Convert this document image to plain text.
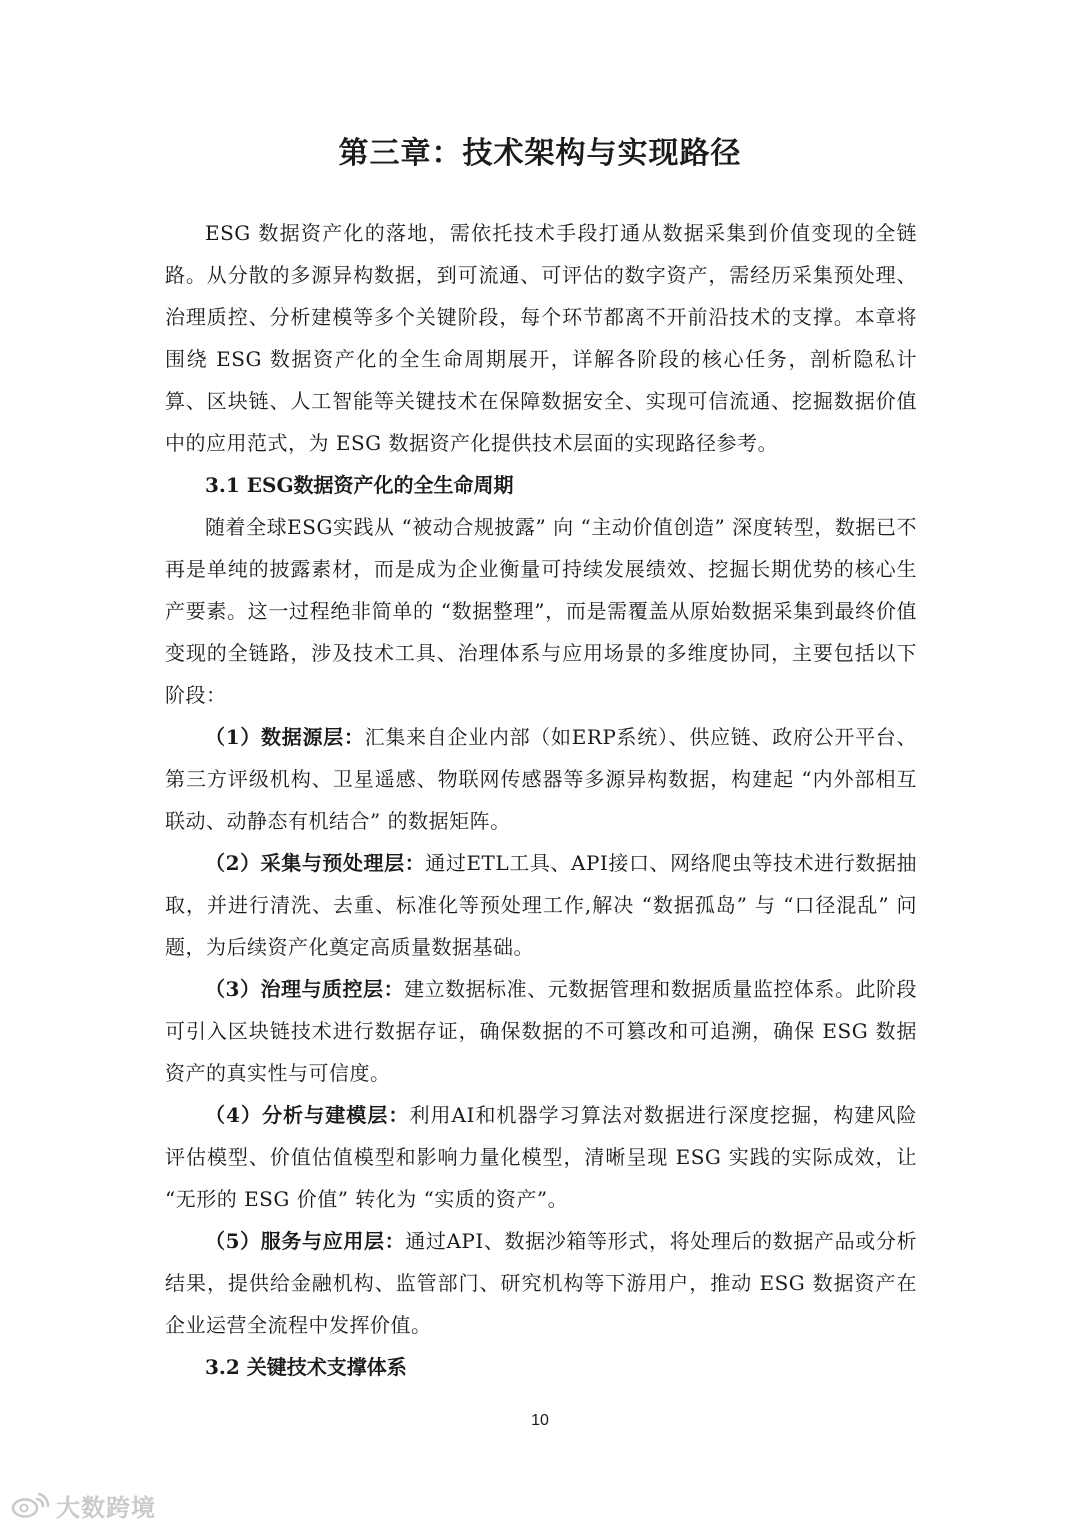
第三章：技术架构与实现路径

ESG 数据资产化的落地，需依托技术手段打通从数据采集到价值变现的全链路。从分散的多源异构数据，到可流通、可评估的数字资产，需经历采集预处理、治理质控、分析建模等多个关键阶段，每个环节都离不开前沿技术的支撑。本章将围绕 ESG 数据资产化的全生命周期展开，详解各阶段的核心任务，剖析隐私计算、区块链、人工智能等关键技术在保障数据安全、实现可信流通、挖掘数据价值中的应用范式，为 ESG 数据资产化提供技术层面的实现路径参考。

3.1 ESG数据资产化的全生命周期

随着全球ESG实践从 “被动合规披露” 向 “主动价值创造” 深度转型，数据已不再是单纯的披露素材，而是成为企业衡量可持续发展绩效、挖掘长期优势的核心生产要素。这一过程绝非简单的 “数据整理”，而是需覆盖从原始数据采集到最终价值变现的全链路，涉及技术工具、治理体系与应用场景的多维度协同，主要包括以下阶段：

（1）数据源层：汇集来自企业内部（如ERP系统）、供应链、政府公开平台、第三方评级机构、卫星遥感、物联网传感器等多源异构数据，构建起 “内外部相互联动、动静态有机结合” 的数据矩阵。

（2）采集与预处理层：通过ETL工具、API接口、网络爬虫等技术进行数据抽取，并进行清洗、去重、标准化等预处理工作,解决 “数据孤岛” 与 “口径混乱” 问题，为后续资产化奠定高质量数据基础。

（3）治理与质控层：建立数据标准、元数据管理和数据质量监控体系。此阶段可引入区块链技术进行数据存证，确保数据的不可篡改和可追溯，确保 ESG 数据资产的真实性与可信度。

（4）分析与建模层：利用AI和机器学习算法对数据进行深度挖掘，构建风险评估模型、价值估值模型和影响力量化模型，清晰呈现 ESG 实践的实际成效，让 “无形的 ESG 价值” 转化为 “实质的资产”。

（5）服务与应用层：通过API、数据沙箱等形式，将处理后的数据产品或分析结果，提供给金融机构、监管部门、研究机构等下游用户，推动 ESG 数据资产在企业运营全流程中发挥价值。

3.2 关键技术支撑体系

10
大数跨境
